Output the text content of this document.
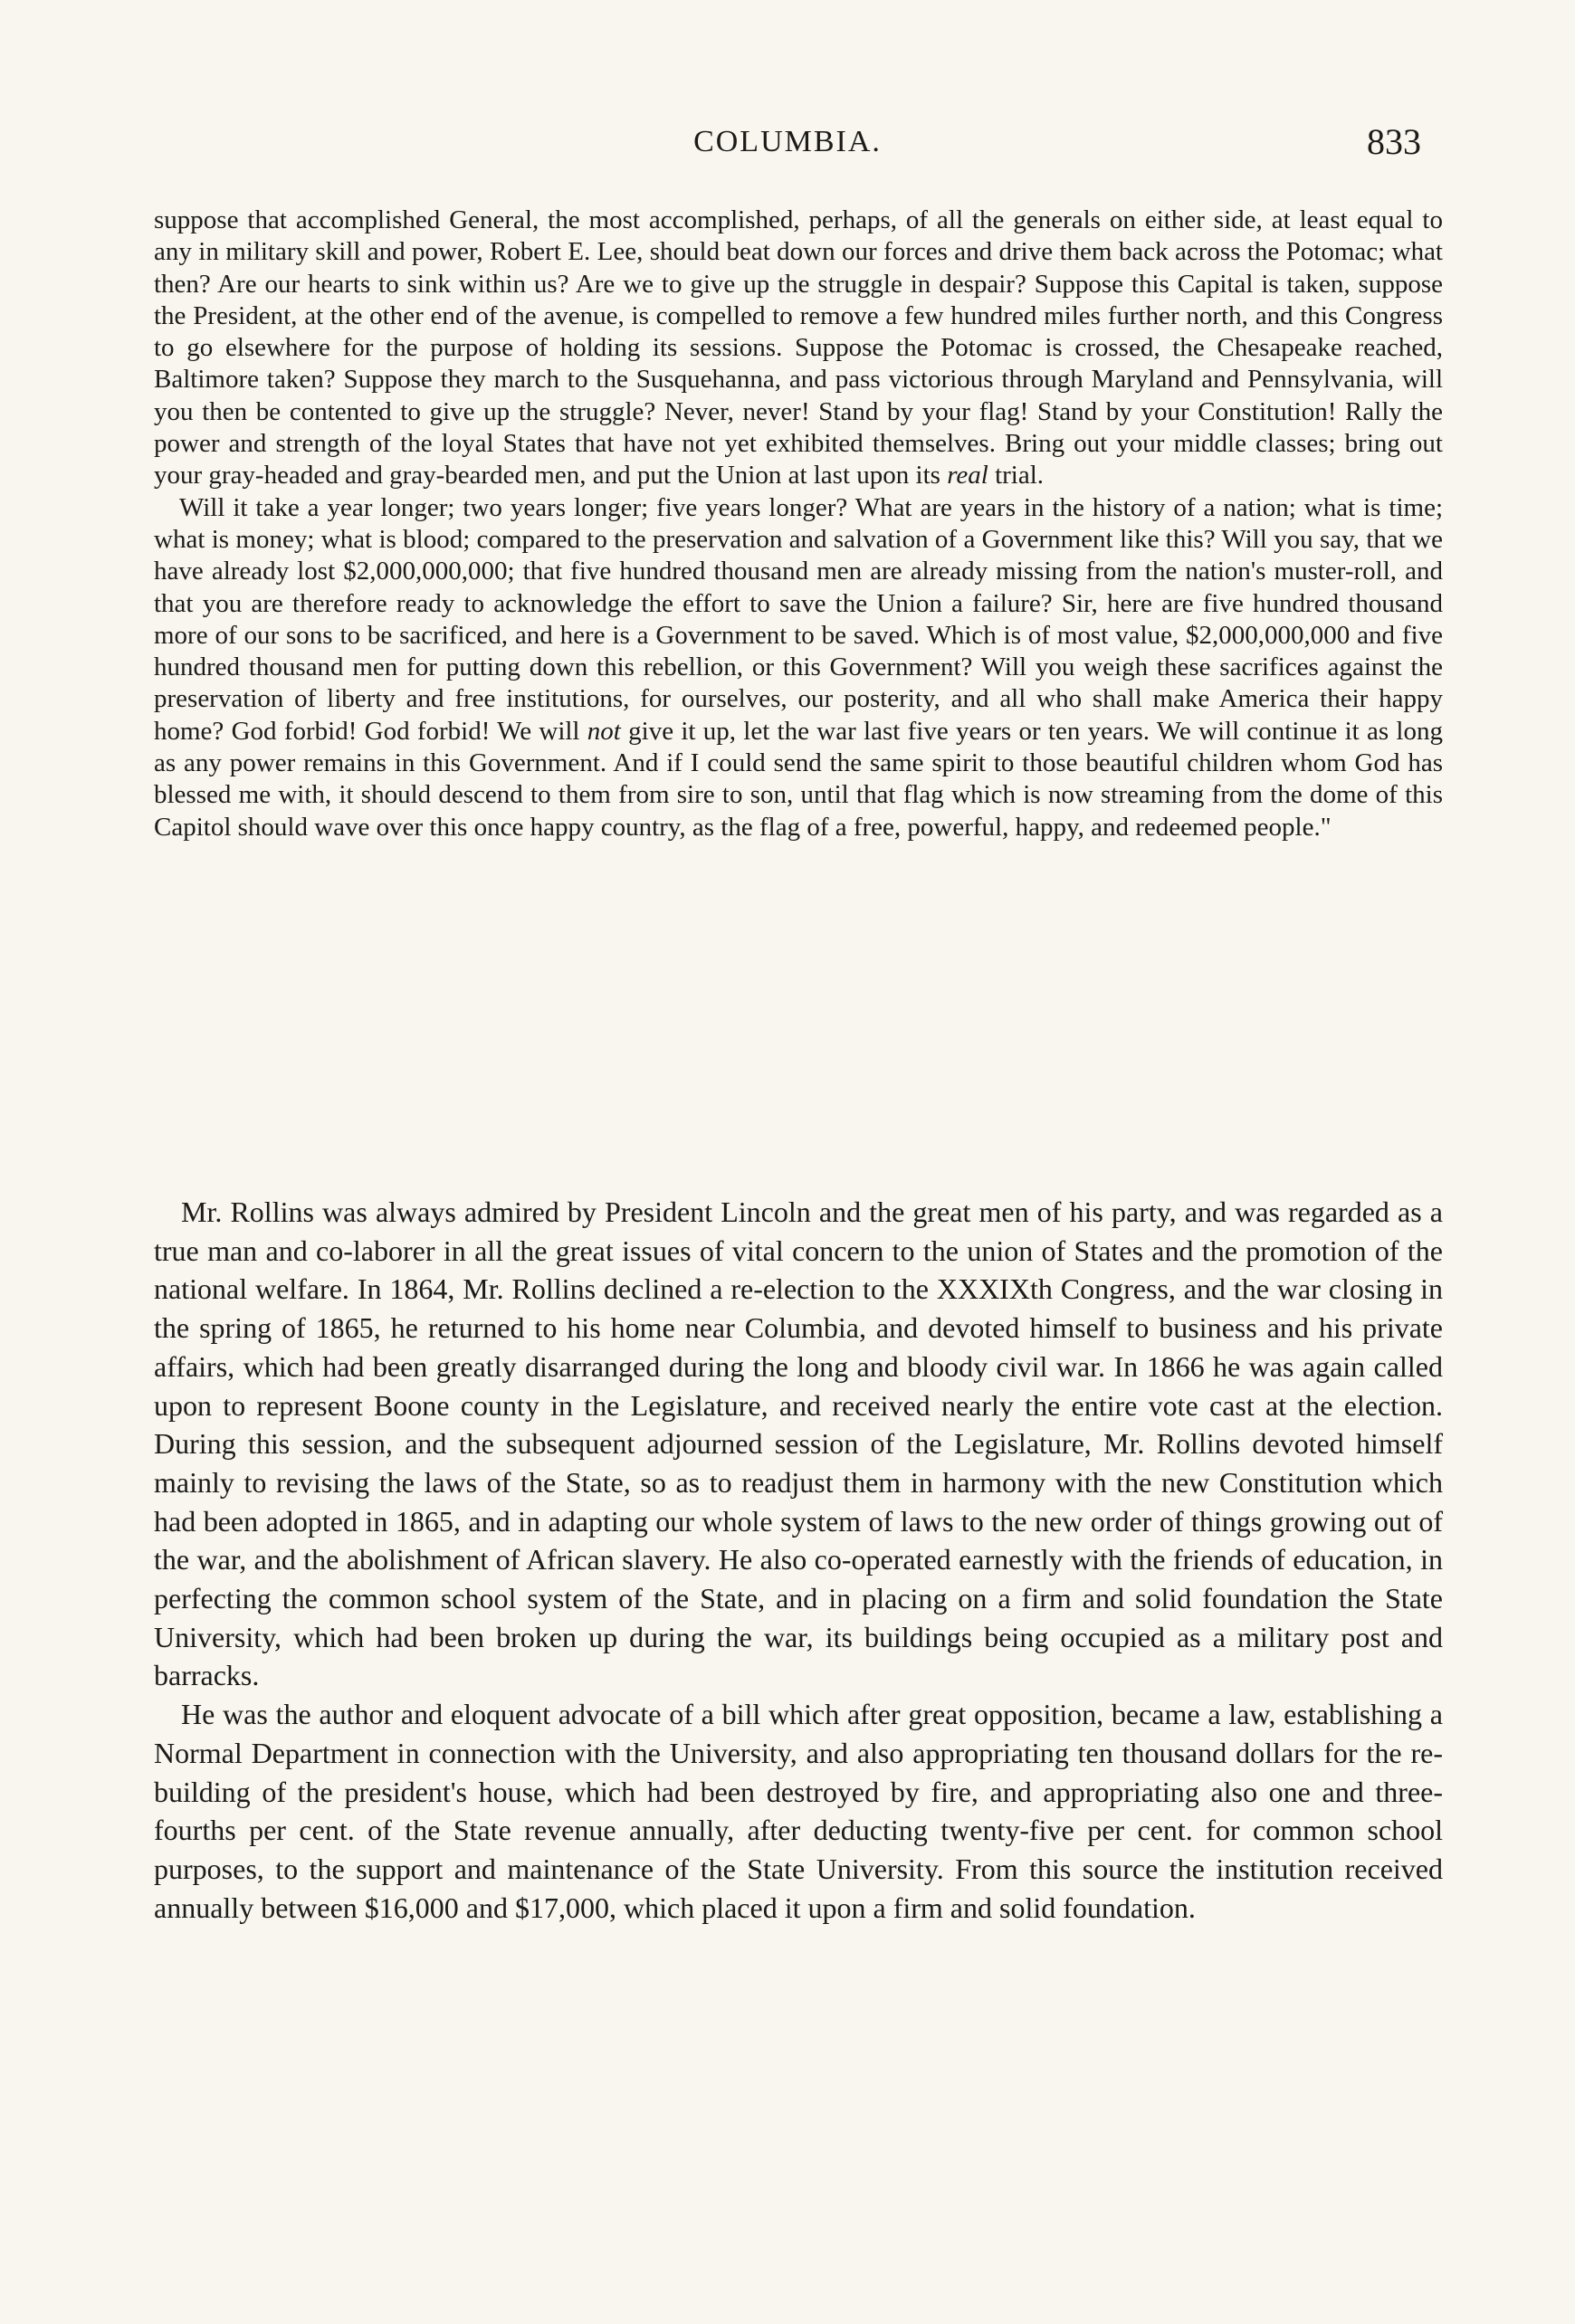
COLUMBIA.	833

suppose that accomplished General, the most accomplished, perhaps, of all the generals on either side, at least equal to any in military skill and power, Robert E. Lee, should beat down our forces and drive them back across the Potomac; what then? Are our hearts to sink within us? Are we to give up the struggle in despair? Suppose this Capital is taken, suppose the President, at the other end of the avenue, is compelled to remove a few hundred miles further north, and this Congress to go elsewhere for the purpose of holding its sessions. Suppose the Potomac is crossed, the Chesapeake reached, Baltimore taken? Suppose they march to the Susquehanna, and pass victorious through Maryland and Pennsylvania, will you then be contented to give up the struggle? Never, never! Stand by your flag! Stand by your Constitution! Rally the power and strength of the loyal States that have not yet exhibited themselves. Bring out your middle classes; bring out your gray-headed and gray-bearded men, and put the Union at last upon its real trial.

Will it take a year longer; two years longer; five years longer? What are years in the history of a nation; what is time; what is money; what is blood; compared to the preservation and salvation of a Government like this? Will you say, that we have already lost $2,000,000,000; that five hundred thousand men are already missing from the nation's muster-roll, and that you are therefore ready to acknowledge the effort to save the Union a failure? Sir, here are five hundred thousand more of our sons to be sacrificed, and here is a Government to be saved. Which is of most value, $2,000,000,000 and five hundred thousand men for putting down this rebellion, or this Government? Will you weigh these sacrifices against the preservation of liberty and free institutions, for ourselves, our posterity, and all who shall make America their happy home? God forbid! God forbid! We will not give it up, let the war last five years or ten years. We will continue it as long as any power remains in this Government. And if I could send the same spirit to those beautiful children whom God has blessed me with, it should descend to them from sire to son, until that flag which is now streaming from the dome of this Capitol should wave over this once happy country, as the flag of a free, powerful, happy, and redeemed people."

Mr. Rollins was always admired by President Lincoln and the great men of his party, and was regarded as a true man and co-laborer in all the great issues of vital concern to the union of States and the promotion of the national welfare. In 1864, Mr. Rollins declined a re-election to the XXXIXth Congress, and the war closing in the spring of 1865, he returned to his home near Columbia, and devoted himself to business and his private affairs, which had been greatly disarranged during the long and bloody civil war. In 1866 he was again called upon to represent Boone county in the Legislature, and received nearly the entire vote cast at the election. During this session, and the subsequent adjourned session of the Legislature, Mr. Rollins devoted himself mainly to revising the laws of the State, so as to readjust them in harmony with the new Constitution which had been adopted in 1865, and in adapting our whole system of laws to the new order of things growing out of the war, and the abolishment of African slavery. He also co-operated earnestly with the friends of education, in perfecting the common school system of the State, and in placing on a firm and solid foundation the State University, which had been broken up during the war, its buildings being occupied as a military post and barracks.

He was the author and eloquent advocate of a bill which after great opposition, became a law, establishing a Normal Department in connection with the University, and also appropriating ten thousand dollars for the re-building of the president's house, which had been destroyed by fire, and appropriating also one and three-fourths per cent. of the State revenue annually, after deducting twenty-five per cent. for common school purposes, to the support and maintenance of the State University. From this source the institution received annually between $16,000 and $17,000, which placed it upon a firm and solid foundation.
